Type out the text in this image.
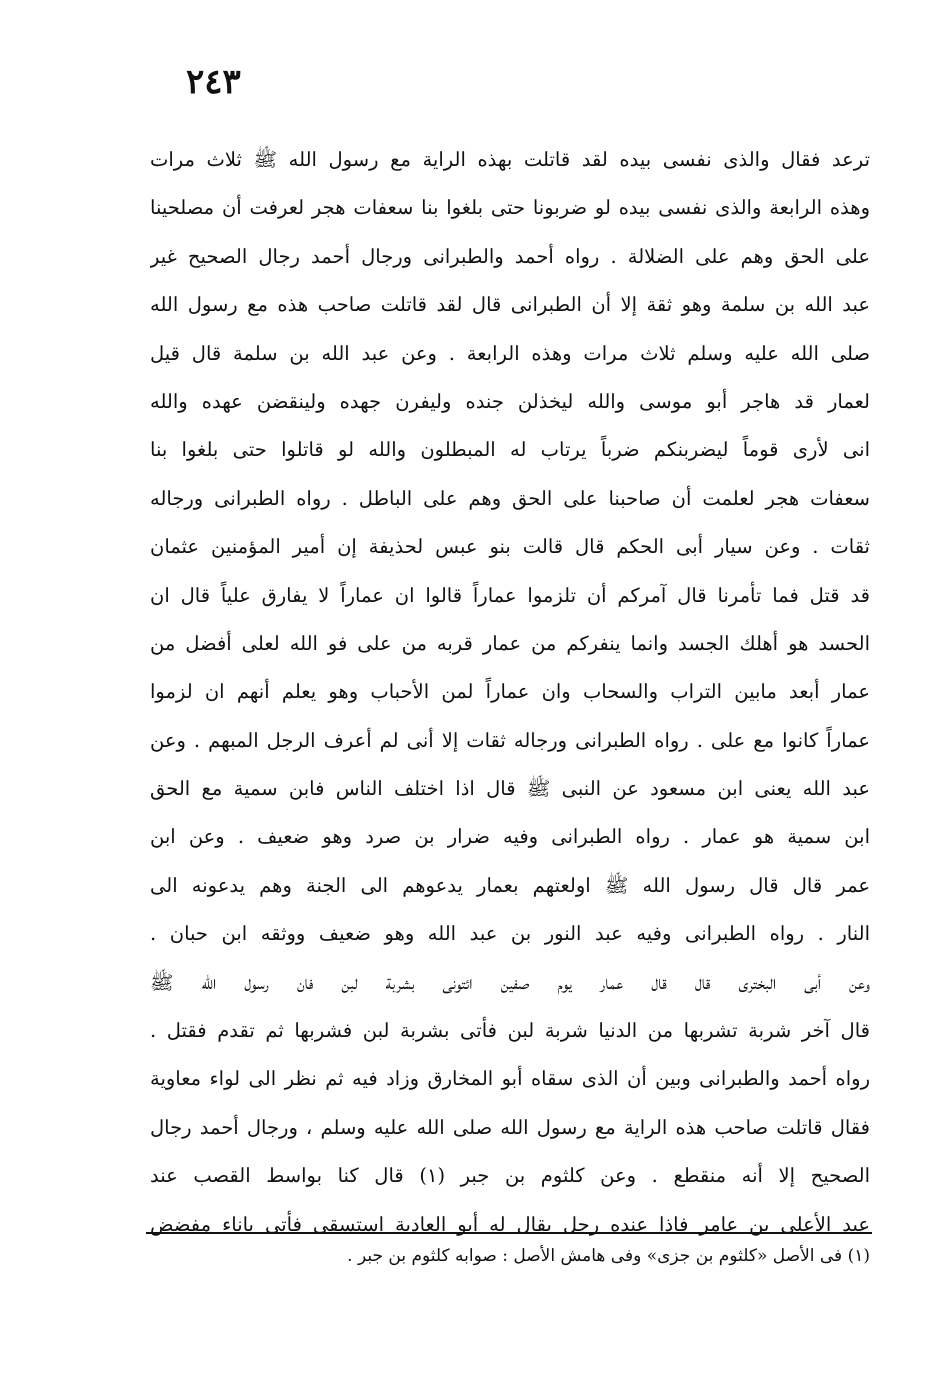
٢٤٣
ترعد فقال والذى نفسى بيده لقد قاتلت بهذه الراية مع رسول الله ﷺ ثلاث مرات
وهذه الرابعة والذى نفسى بيده لو ضربونا حتى بلغوا بنا سعفات هجر لعرفت أن مصلحينا
على الحق وهم على الضلالة . رواه أحمد والطبرانى ورجال أحمد رجال الصحيح غير
عبد الله بن سلمة وهو ثقة إلا أن الطبرانى قال لقد قاتلت صاحب هذه مع رسول الله
صلى الله عليه وسلم ثلاث مرات وهذه الرابعة . وعن عبد الله بن سلمة قال قيل
لعمار قد هاجر أبو موسى والله ليخذلن جنده وليفرن جهده ولينقضن عهده والله
انى لأرى قوماً ليضربنكم ضرباً يرتاب له المبطلون والله لو قاتلوا حتى بلغوا بنا
سعفات هجر لعلمت أن صاحبنا على الحق وهم على الباطل . رواه الطبرانى ورجاله
ثقات . وعن سيار أبى الحكم قال قالت بنو عبس لحذيفة إن أمير المؤمنين عثمان
قد قتل فما تأمرنا قال آمركم أن تلزموا عماراً قالوا ان عماراً لا يفارق علياً قال ان
الحسد هو أهلك الجسد وانما ينفركم من عمار قربه من على فو الله لعلى أفضل من
عمار أبعد مابين التراب والسحاب وان عماراً لمن الأحباب وهو يعلم أنهم ان لزموا
عماراً كانوا مع على . رواه الطبرانى ورجاله ثقات إلا أنى لم أعرف الرجل المبهم . وعن
عبد الله يعنى ابن مسعود عن النبى ﷺ قال اذا اختلف الناس فابن سمية مع الحق
ابن سمية هو عمار . رواه الطبرانى وفيه ضرار بن صرد وهو ضعيف . وعن ابن
عمر قال قال رسول الله ﷺ اولعتهم بعمار يدعوهم الى الجنة وهم يدعونه الى
النار . رواه الطبرانى وفيه عبد النور بن عبد الله وهو ضعيف ووثقه ابن حبان .
وعن أبى البخترى قال قال عمار يوم صفين ائتونى بشربة لبن فان رسول الله ﷺ
قال آخر شربة تشربها من الدنيا شربة لبن فأتى بشربة لبن فشربها ثم تقدم فقتل .
رواه أحمد والطبرانى وبين أن الذى سقاه أبو المخارق وزاد فيه ثم نظر الى لواء معاوية
فقال قاتلت صاحب هذه الراية مع رسول الله صلى الله عليه وسلم ، ورجال أحمد رجال
الصحيح إلا أنه منقطع . وعن كلثوم بن جبر (١) قال كنا بواسط القصب عند
عبد الأعلى بن عامر فاذا عنده رجل يقال له أبو العادية استسقى فأتى باناء مفضض
(١) فى الأصل «كلثوم بن جزى» وفى هامش الأصل : صوابه كلثوم بن جبر .
